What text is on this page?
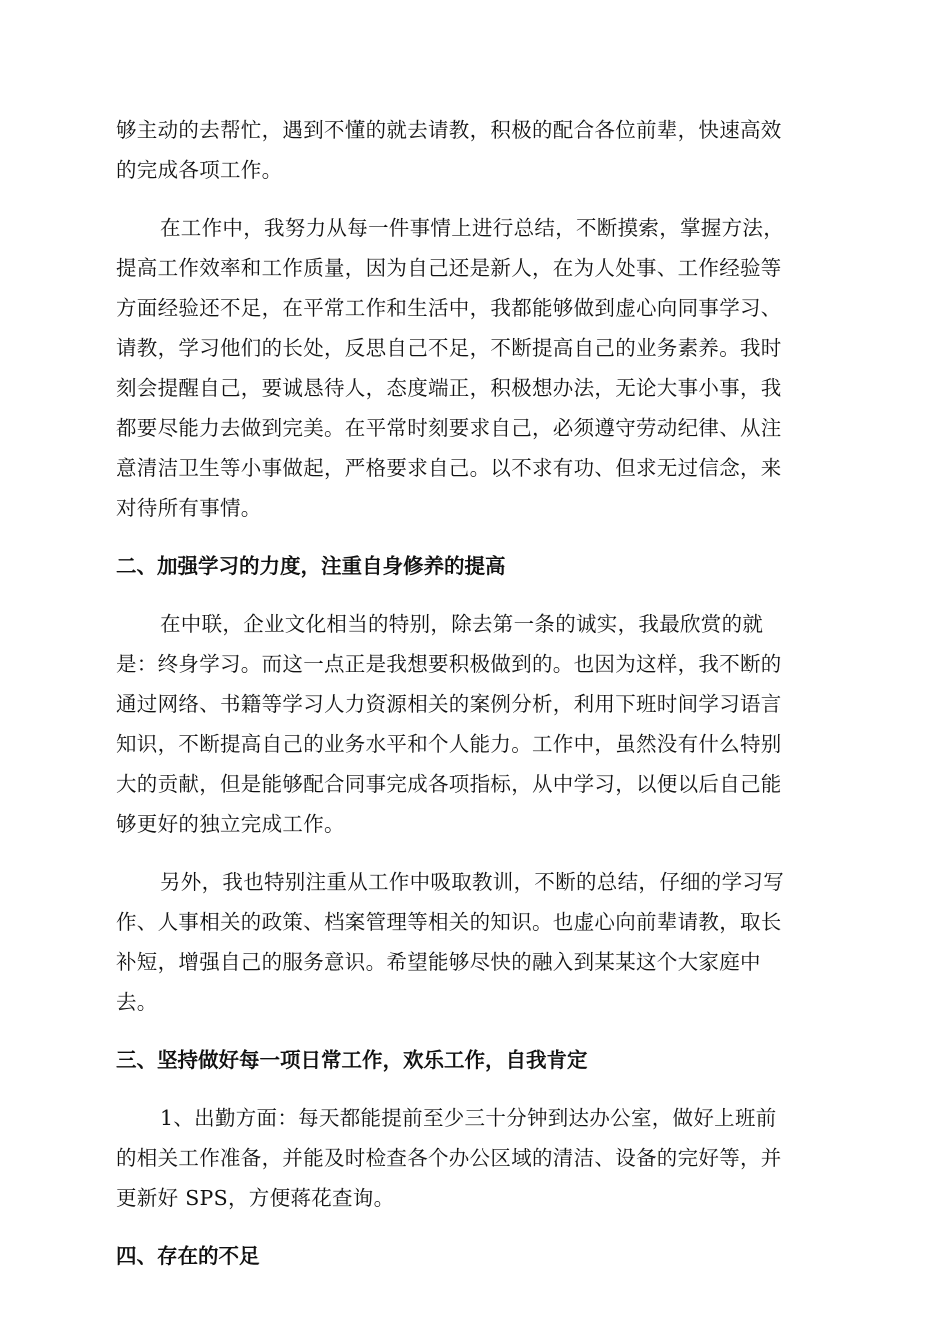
够主动的去帮忙，遇到不懂的就去请教，积极的配合各位前辈，快速高效
的完成各项工作。
在工作中，我努力从每一件事情上进行总结，不断摸索，掌握方法，
提高工作效率和工作质量，因为自己还是新人，在为人处事、工作经验等
方面经验还不足，在平常工作和生活中，我都能够做到虚心向同事学习、
请教，学习他们的长处，反思自己不足，不断提高自己的业务素养。我时
刻会提醒自己，要诚恳待人，态度端正，积极想办法，无论大事小事，我
都要尽能力去做到完美。在平常时刻要求自己，必须遵守劳动纪律、从注
意清洁卫生等小事做起，严格要求自己。以不求有功、但求无过信念，来
对待所有事情。
二、加强学习的力度，注重自身修养的提高
在中联，企业文化相当的特别，除去第一条的诚实，我最欣赏的就
是：终身学习。而这一点正是我想要积极做到的。也因为这样，我不断的
通过网络、书籍等学习人力资源相关的案例分析，利用下班时间学习语言
知识，不断提高自己的业务水平和个人能力。工作中，虽然没有什么特别
大的贡献，但是能够配合同事完成各项指标，从中学习，以便以后自己能
够更好的独立完成工作。
另外，我也特别注重从工作中吸取教训，不断的总结，仔细的学习写
作、人事相关的政策、档案管理等相关的知识。也虚心向前辈请教，取长
补短，增强自己的服务意识。希望能够尽快的融入到某某这个大家庭中
去。
三、坚持做好每一项日常工作，欢乐工作，自我肯定
1、出勤方面：每天都能提前至少三十分钟到达办公室，做好上班前
的相关工作准备，并能及时检查各个办公区域的清洁、设备的完好等，并
更新好 SPS，方便蒋花查询。
四、存在的不足
